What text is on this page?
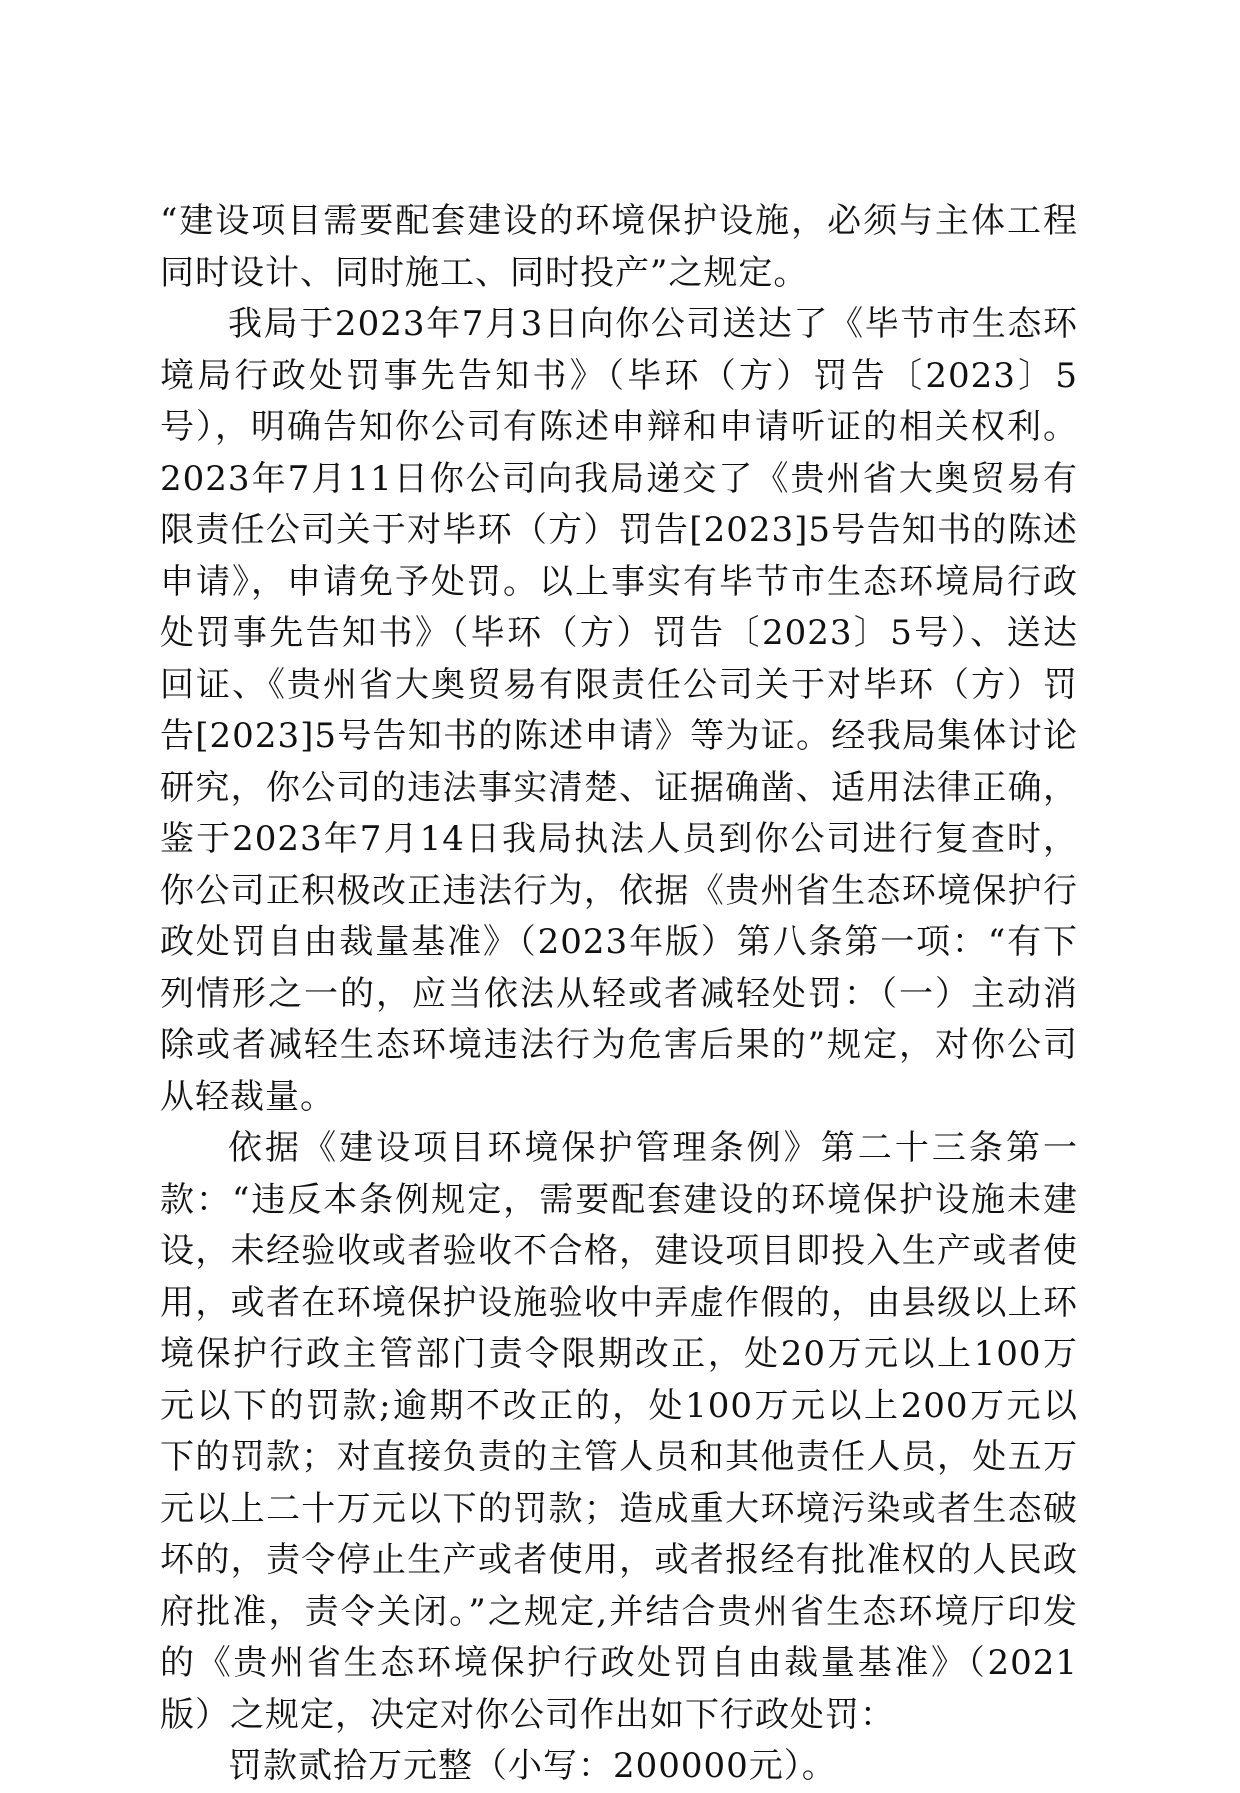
“建设项目需要配套建设的环境保护设施，必须与主体工程同时设计、同时施工、同时投产”之规定。

我局于2023年7月3日向你公司送达了《毕节市生态环境局行政处罚事先告知书》（毕环（方）罚告〔2023〕5号），明确告知你公司有陈述申辩和申请听证的相关权利。2023年7月11日你公司向我局递交了《贵州省大奥贸易有限责任公司关于对毕环（方）罚告[2023]5号告知书的陈述申请》，申请免予处罚。以上事实有毕节市生态环境局行政处罚事先告知书》（毕环（方）罚告〔2023〕5号）、送达回证、《贵州省大奥贸易有限责任公司关于对毕环（方）罚告[2023]5号告知书的陈述申请》等为证。经我局集体讨论研究，你公司的违法事实清楚、证据确凿、适用法律正确，鉴于2023年7月14日我局执法人员到你公司进行复查时，你公司正积极改正违法行为，依据《贵州省生态环境保护行政处罚自由裁量基准》（2023年版）第八条第一项：“有下列情形之一的，应当依法从轻或者减轻处罚：（一）主动消除或者减轻生态环境违法行为危害后果的”规定，对你公司从轻裁量。

依据《建设项目环境保护管理条例》第二十三条第一款：“违反本条例规定，需要配套建设的环境保护设施未建设，未经验收或者验收不合格，建设项目即投入生产或者使用，或者在环境保护设施验收中弄虚作假的，由县级以上环境保护行政主管部门责令限期改正，处20万元以上100万元以下的罚款;逾期不改正的，处100万元以上200万元以下的罚款；对直接负责的主管人员和其他责任人员，处五万元以上二十万元以下的罚款；造成重大环境污染或者生态破坏的，责令停止生产或者使用，或者报经有批准权的人民政府批准，责令关闭。”之规定,并结合贵州省生态环境厅印发的《贵州省生态环境保护行政处罚自由裁量基准》（2021版）之规定，决定对你公司作出如下行政处罚：

罚款贰拾万元整（小写：200000元）。
